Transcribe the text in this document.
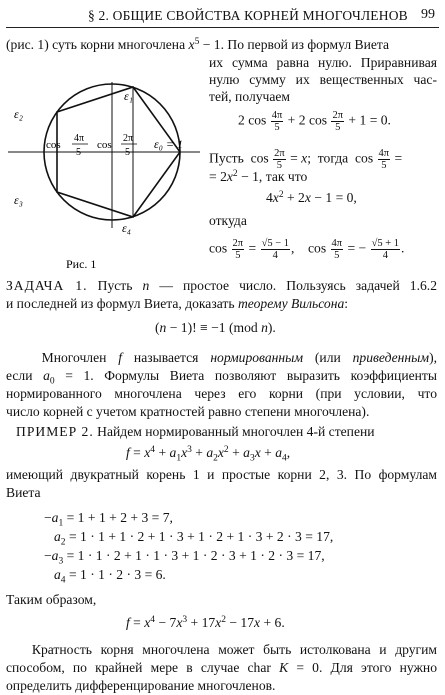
§ 2. ОБЩИЕ СВОЙСТВА КОРНЕЙ МНОГОЧЛЕНОВ 99
ε₁
ε₂
ε₃
ε₄
ε₀ = 1
cos
4π
5
cos
2π
5
Рис. 1
(рис. 1) суть корни многочлена $x^5 - 1$. По первой из формул Виета
их сумма равна нулю. Приравнивая
нулю сумму их вещественных час-
тей, получаем
2 $\cos \frac{4\pi}{5} + 2$ $\cos \frac{2\pi}{5} + 1 = 0$.
Пусть  $\cos \frac{2\pi}{5} = x$;  тогда  $\cos \frac{4\pi}{5}$ =
= $2x^2 - 1$, так что
$4x^2 + 2x - 1 = 0$,
откуда
$\cos \frac{2\pi}{5} = \frac{√5 - 1}{4}$ ,    $\cos \frac{4\pi}{5}$ = − $\frac{√5 + 1}{4}$ .
ЗАДАЧА 1. Пусть n — простое число. Пользуясь задачей 1.6.2
и последней из формул Виета, доказать теорему Вильсона:
(n − 1)! ≡ −1 (mod n).
Многочлен f называется нормированным (или приведенным),
если $a_0 = 1$. Формулы Виета позволяют выразить коэффициенты
нормированного многочлена через его корни (при условии, что
число корней с учетом кратностей равно степени многочлена).
ПРИМЕР 2. Найдем нормированный многочлен 4-й степени
$f = x^4 + a_1x^3 + a_2x^2 + a_3x + a_4$,
имеющий двукратный корень 1 и простые корни 2, 3. По формулам
Виета
$-a_1 = 1 + 1 + 2 + 3 = 7$,
$a_2 = 1 \cdot 1 + 1 \cdot 2 + 1 \cdot 3 + 1 \cdot 2 + 1 \cdot 3 + 2 \cdot 3 = 17$,
$-a_3 = 1 \cdot 1 \cdot 2 + 1 \cdot 1 \cdot 3 + 1 \cdot 2 \cdot 3 + 1 \cdot 2 \cdot 3 = 17$,
$a_4 = 1 \cdot 1 \cdot 2 \cdot 3 = 6$.
Таким образом,
$f = x^4 - 7x^3 + 17x^2 - 17x + 6$.
Кратность корня многочлена может быть истолкована и другим
способом, по крайней мере в случае char K = 0. Для этого нужно
определить дифференцирование многочленов.
